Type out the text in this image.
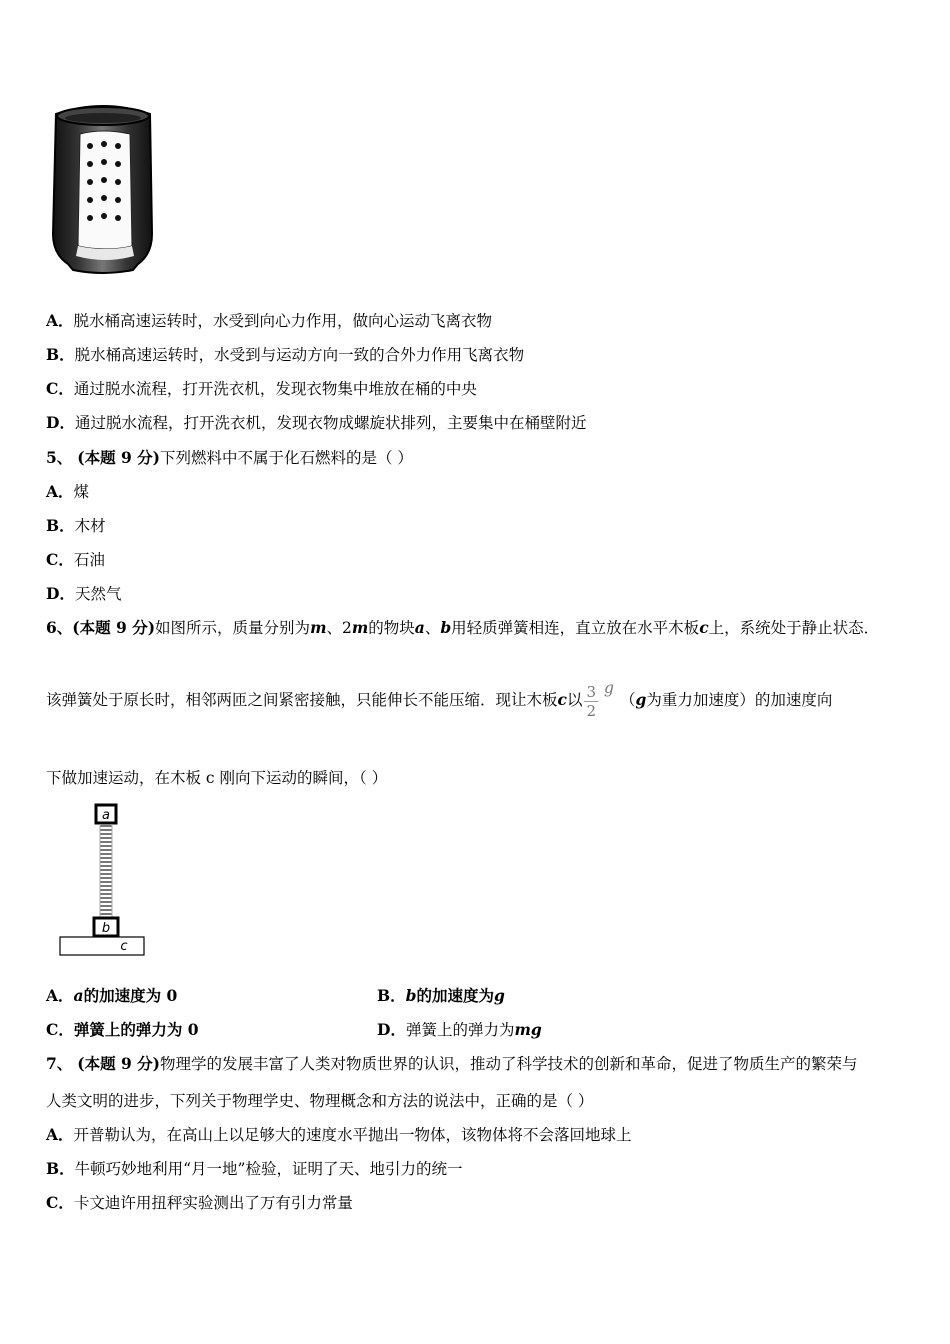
A．脱水桶高速运转时，水受到向心力作用，做向心运动飞离衣物
B．脱水桶高速运转时，水受到与运动方向一致的合外力作用飞离衣物
C．通过脱水流程，打开洗衣机，发现衣物集中堆放在桶的中央
D．通过脱水流程，打开洗衣机，发现衣物成螺旋状排列，主要集中在桶壁附近
5、 (本题 9 分)下列燃料中不属于化石燃料的是（ ）
A．煤
B．木材
C．石油
D．天然气
6、(本题 9 分)如图所示，质量分别为m、2m的物块a、b用轻质弹簧相连，直立放在水平木板c上，系统处于静止状态．
该弹簧处于原长时，相邻两匝之间紧密接触，只能伸长不能压缩．现让木板c以 $\frac{3}{2} g(g$为重力加速度）的加速度向
下做加速运动，在木板 c 刚向下运动的瞬间，（ ）
a
b
c
A．a的加速度为 0	B．b的加速度为g
C．弹簧上的弹力为 0	D．弹簧上的弹力为mg
7、 (本题 9 分)物理学的发展丰富了人类对物质世界的认识，推动了科学技术的创新和革命，促进了物质生产的繁荣与
人类文明的进步，下列关于物理学史、物理概念和方法的说法中，正确的是（ ）
A．开普勒认为，在高山上以足够大的速度水平抛出一物体，该物体将不会落回地球上
B．牛顿巧妙地利用“月一地”检验，证明了天、地引力的统一
C．卡文迪许用扭秤实验测出了万有引力常量
